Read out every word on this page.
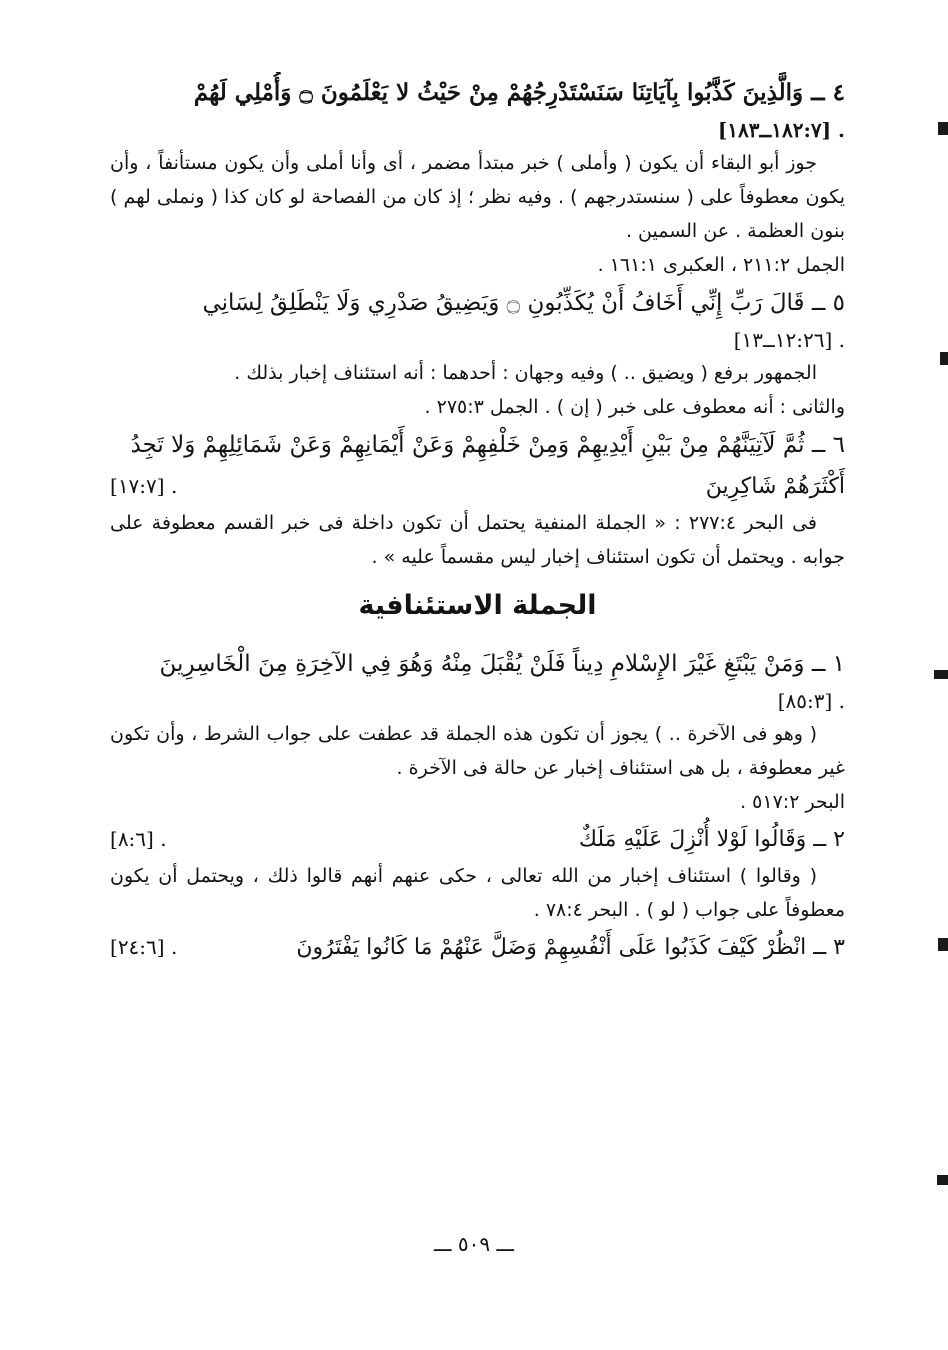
٤ ــ وَالَّذِينَ كَذَّبُوا بِآيَاتِنَا سَنَسْتَدْرِجُهُمْ مِنْ حَيْثُ لا يَعْلَمُونَ ۝ وَأُمْلِي لَهُمْ
[١٨٢:٧ــ١٨٣] .

جوز أبو البقاء أن يكون ( وأملى ) خبر مبتدأ مضمر ، أى وأنا أملى وأن يكون مستأنفاً ، وأن يكون معطوفاً على ( سنستدرجهم ) . وفيه نظر ؛ إذ كان من الفصاحة لو كان كذا ( ونملى لهم ) بنون العظمة . عن السمين .

الجمل ٢١١:٢ ، العكبرى ١٦١:١ .
٥ ــ قَالَ رَبِّ إِنِّي أَخَافُ أَنْ يُكَذِّبُونِ ۝ وَيَضِيقُ صَدْرِي وَلَا يَنْطَلِقُ لِسَانِي
[١٢:٢٦ــ١٣] .

الجمهور برفع ( ويضيق .. ) وفيه وجهان : أحدهما : أنه استئناف إخبار بذلك .

والثانى : أنه معطوف على خبر ( إن ) . الجمل ٢٧٥:٣ .

٦ ــ ثُمَّ لَآتِيَنَّهُمْ مِنْ بَيْنِ أَيْدِيهِمْ وَمِنْ خَلْفِهِمْ وَعَنْ أَيْمَانِهِمْ وَعَنْ شَمَائِلِهِمْ وَلا تَجِدُ
أَكْثَرَهُمْ شَاكِرِينَ
[١٧:٧] .

فى البحر ٢٧٧:٤ : « الجملة المنفية يحتمل أن تكون داخلة فى خبر القسم معطوفة على جوابه . ويحتمل أن تكون استئناف إخبار ليس مقسماً عليه » .

الجملة الاستئنافية
١ ــ وَمَنْ يَبْتَغِ غَيْرَ الإِسْلامِ دِيناً فَلَنْ يُقْبَلَ مِنْهُ وَهُوَ فِي الآخِرَةِ مِنَ الْخَاسِرِينَ
[٨٥:٣] .

( وهو فى الآخرة .. ) يجوز أن تكون هذه الجملة قد عطفت على جواب الشرط ، وأن تكون غير معطوفة ، بل هى استئناف إخبار عن حالة فى الآخرة .

البحر ٥١٧:٢ .
٢ ــ وَقَالُوا لَوْلا أُنْزِلَ عَلَيْهِ مَلَكٌ
[٨:٦] .

( وقالوا ) استئناف إخبار من الله تعالى ، حكى عنهم أنهم قالوا ذلك ، ويحتمل أن يكون معطوفاً على جواب ( لو ) . البحر ٧٨:٤ .

٣ ــ انْظُرْ كَيْفَ كَذَبُوا عَلَى أَنْفُسِهِمْ وَضَلَّ عَنْهُمْ مَا كَانُوا يَفْتَرُونَ
[٢٤:٦] .
ـــ ٥٠٩ ـــ
